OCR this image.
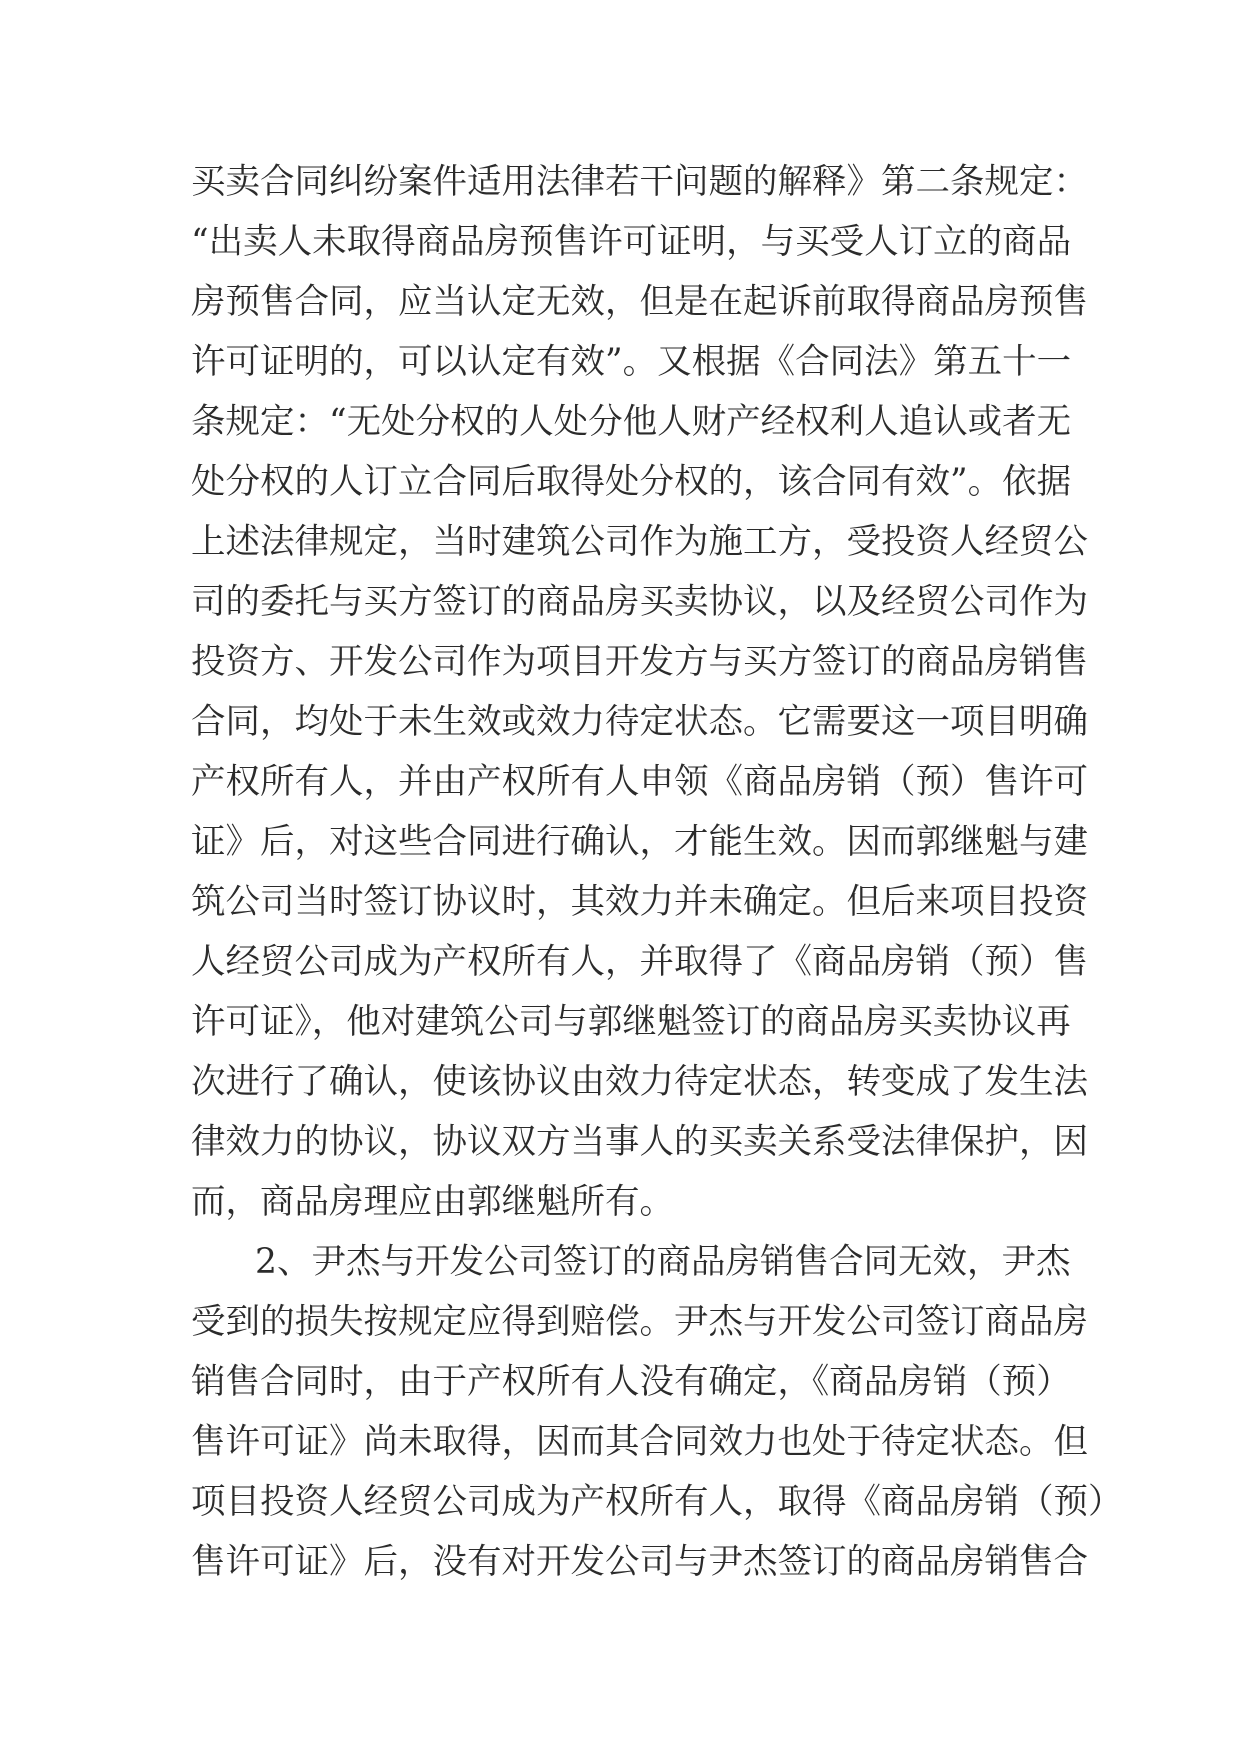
买卖合同纠纷案件适用法律若干问题的解释》第二条规定：
“出卖人未取得商品房预售许可证明，与买受人订立的商品
房预售合同，应当认定无效，但是在起诉前取得商品房预售
许可证明的，可以认定有效”。又根据《合同法》第五十一
条规定：“无处分权的人处分他人财产经权利人追认或者无
处分权的人订立合同后取得处分权的，该合同有效”。依据
上述法律规定，当时建筑公司作为施工方，受投资人经贸公
司的委托与买方签订的商品房买卖协议，以及经贸公司作为
投资方、开发公司作为项目开发方与买方签订的商品房销售
合同，均处于未生效或效力待定状态。它需要这一项目明确
产权所有人，并由产权所有人申领《商品房销（预）售许可
证》后，对这些合同进行确认，才能生效。因而郭继魁与建
筑公司当时签订协议时，其效力并未确定。但后来项目投资
人经贸公司成为产权所有人，并取得了《商品房销（预）售
许可证》，他对建筑公司与郭继魁签订的商品房买卖协议再
次进行了确认，使该协议由效力待定状态，转变成了发生法
律效力的协议，协议双方当事人的买卖关系受法律保护，因
而，商品房理应由郭继魁所有。
2、尹杰与开发公司签订的商品房销售合同无效，尹杰
受到的损失按规定应得到赔偿。尹杰与开发公司签订商品房
销售合同时，由于产权所有人没有确定，《商品房销（预）
售许可证》尚未取得，因而其合同效力也处于待定状态。但
项目投资人经贸公司成为产权所有人，取得《商品房销（预）
售许可证》后，没有对开发公司与尹杰签订的商品房销售合
